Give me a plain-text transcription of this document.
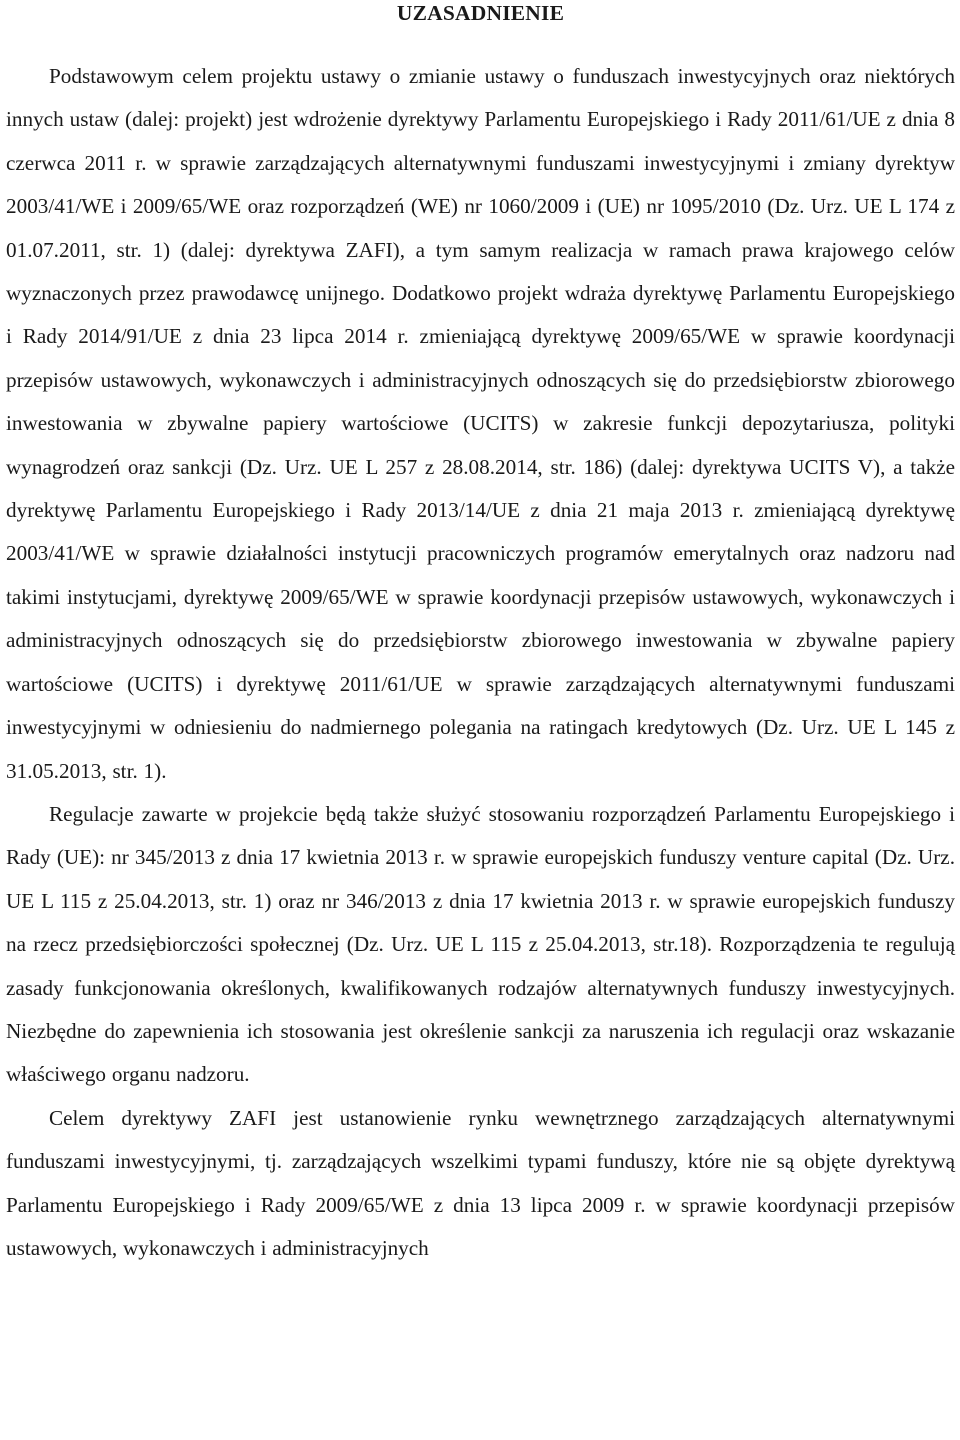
UZASADNIENIE

Podstawowym celem projektu ustawy o zmianie ustawy o funduszach inwestycyjnych oraz niektórych innych ustaw (dalej: projekt) jest wdrożenie dyrektywy Parlamentu Europejskiego i Rady 2011/61/UE z dnia 8 czerwca 2011 r. w sprawie zarządzających alternatywnymi funduszami inwestycyjnymi i zmiany dyrektyw 2003/41/WE i 2009/65/WE oraz rozporządzeń (WE) nr 1060/2009 i (UE) nr 1095/2010 (Dz. Urz. UE L 174 z 01.07.2011, str. 1) (dalej: dyrektywa ZAFI), a tym samym realizacja w ramach prawa krajowego celów wyznaczonych przez prawodawcę unijnego. Dodatkowo projekt wdraża dyrektywę Parlamentu Europejskiego i Rady 2014/91/UE z dnia 23 lipca 2014 r. zmieniającą dyrektywę 2009/65/WE w sprawie koordynacji przepisów ustawowych, wykonawczych i administracyjnych odnoszących się do przedsiębiorstw zbiorowego inwestowania w zbywalne papiery wartościowe (UCITS) w zakresie funkcji depozytariusza, polityki wynagrodzeń oraz sankcji (Dz. Urz. UE L 257 z 28.08.2014, str. 186) (dalej: dyrektywa UCITS V), a także dyrektywę Parlamentu Europejskiego i Rady 2013/14/UE z dnia 21 maja 2013 r. zmieniającą dyrektywę 2003/41/WE w sprawie działalności instytucji pracowniczych programów emerytalnych oraz nadzoru nad takimi instytucjami, dyrektywę 2009/65/WE w sprawie koordynacji przepisów ustawowych, wykonawczych i administracyjnych odnoszących się do przedsiębiorstw zbiorowego inwestowania w zbywalne papiery wartościowe (UCITS) i dyrektywę 2011/61/UE w sprawie zarządzających alternatywnymi funduszami inwestycyjnymi w odniesieniu do nadmiernego polegania na ratingach kredytowych (Dz. Urz. UE L 145 z 31.05.2013, str. 1).

Regulacje zawarte w projekcie będą także służyć stosowaniu rozporządzeń Parlamentu Europejskiego i Rady (UE): nr 345/2013 z dnia 17 kwietnia 2013 r. w sprawie europejskich funduszy venture capital (Dz. Urz. UE L 115 z 25.04.2013, str. 1) oraz nr 346/2013 z dnia 17 kwietnia 2013 r. w sprawie europejskich funduszy na rzecz przedsiębiorczości społecznej (Dz. Urz. UE L 115 z 25.04.2013, str.18). Rozporządzenia te regulują zasady funkcjonowania określonych, kwalifikowanych rodzajów alternatywnych funduszy inwestycyjnych. Niezbędne do zapewnienia ich stosowania jest określenie sankcji za naruszenia ich regulacji oraz wskazanie właściwego organu nadzoru.

Celem dyrektywy ZAFI jest ustanowienie rynku wewnętrznego zarządzających alternatywnymi funduszami inwestycyjnymi, tj. zarządzających wszelkimi typami funduszy, które nie są objęte dyrektywą Parlamentu Europejskiego i Rady 2009/65/WE z dnia 13 lipca 2009 r. w sprawie koordynacji przepisów ustawowych, wykonawczych i administracyjnych
